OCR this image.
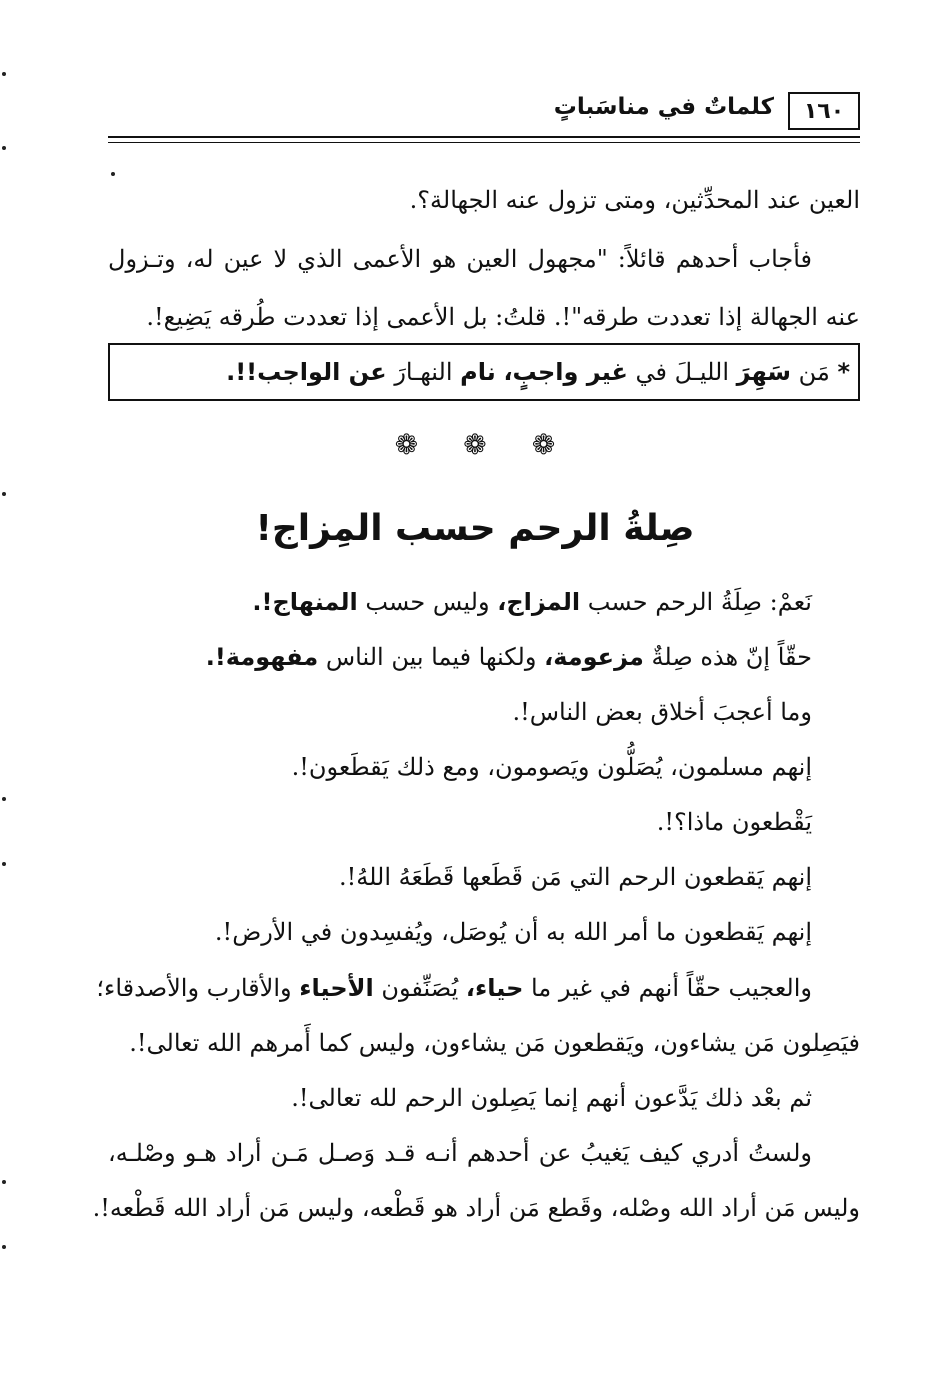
١٦٠
كلماتٌ في مناسَباتٍ
العين عند المحدِّثين، ومتى تزول عنه الجهالة؟.
فأجاب أحدهم قائلاً: "مجهول العين هو الأعمى الذي لا عين له، وتـزول
عنه الجهالة إذا تعددت طرقه"!. قلتُ: بل الأعمى إذا تعددت طُرقه يَضِيع!.
*

مَن

سَهِرَ

الليـلَ في

غير واجبٍ،

نام

النهـارَ

عن الواجب!!.
❁ ❁ ❁
صِلةُ الرحم حسب المِزاج!
نَعمْ: صِلَةُ الرحم حسب المزاج، وليس حسب المنهاج!.
حقّاً إنّ هذه صِلةٌ مزعومة، ولكنها فيما بين الناس مفهومة!.
وما أعجبَ أخلاق بعض الناس!.
إنهم مسلمون، يُصَلُّون ويَصومون، ومع ذلك يَقطَعون!.
يَقْطعون ماذا؟!.
إنهم يَقطعون الرحم التي مَن قَطَعها قَطَعَهُ اللهُ!.
إنهم يَقطعون ما أمر الله به أن يُوصَل، ويُفسِدون في الأرض!.
والعجيب حقّاً أنهم في غير ما حياء، يُصَنِّفون الأحياء والأقارب والأصدقاء؛
فيَصِلون مَن يشاءون، ويَقطعون مَن يشاءون، وليس كما أَمرهم الله تعالى!.
ثم بعْد ذلك يَدَّعون أنهم إنما يَصِلون الرحم لله تعالى!.
ولستُ أدري كيف يَغيبُ عن أحدهم أنـه قـد وَصـل مَـن أراد هـو وصْلـه،
وليس مَن أراد الله وصْله، وقَطع مَن أراد هو قَطْعه، وليس مَن أراد الله قَطْعه!.
